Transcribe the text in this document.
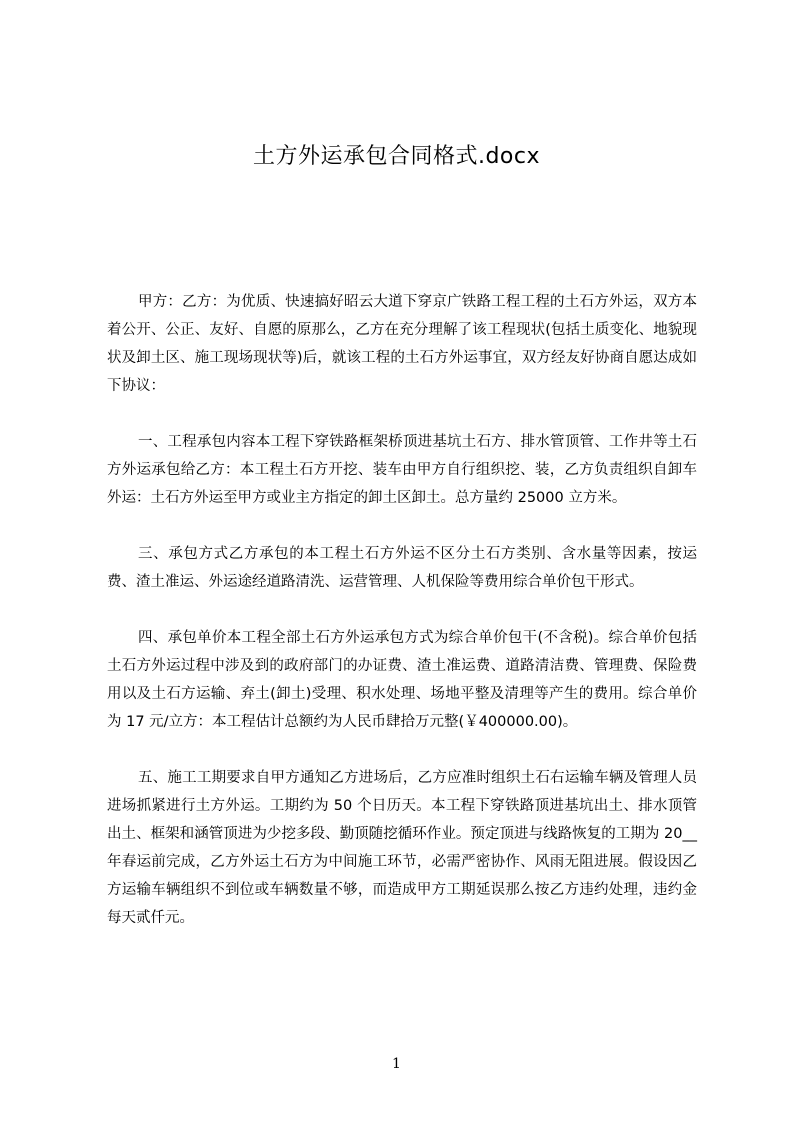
土方外运承包合同格式.docx

甲方：乙方：为优质、快速搞好昭云大道下穿京广铁路工程工程的土石方外运，双方本着公开、公正、友好、自愿的原那么，乙方在充分理解了该工程现状(包括土质变化、地貌现状及卸土区、施工现场现状等)后，就该工程的土石方外运事宜，双方经友好协商自愿达成如下协议：

一、工程承包内容本工程下穿铁路框架桥顶进基坑土石方、排水管顶管、工作井等土石方外运承包给乙方：本工程土石方开挖、装车由甲方自行组织挖、装，乙方负责组织自卸车外运：土石方外运至甲方或业主方指定的卸土区卸土。总方量约 25000 立方米。

三、承包方式乙方承包的本工程土石方外运不区分土石方类别、含水量等因素，按运费、渣土准运、外运途经道路清洗、运营管理、人机保险等费用综合单价包干形式。

四、承包单价本工程全部土石方外运承包方式为综合单价包干(不含税)。综合单价包括土石方外运过程中涉及到的政府部门的办证费、渣土准运费、道路清洁费、管理费、保险费用以及土石方运输、弃土(卸土)受理、积水处理、场地平整及清理等产生的费用。综合单价为 17 元/立方：本工程估计总额约为人民币肆拾万元整(￥400000.00)。

五、施工工期要求自甲方通知乙方进场后，乙方应准时组织土石右运输车辆及管理人员进场抓紧进行土方外运。工期约为 50 个日历天。本工程下穿铁路顶进基坑出土、排水顶管出土、框架和涵管顶进为少挖多段、勤顶随挖循环作业。预定顶进与线路恢复的工期为 20__年春运前完成，乙方外运土石方为中间施工环节，必需严密协作、风雨无阻进展。假设因乙方运输车辆组织不到位或车辆数量不够，而造成甲方工期延误那么按乙方违约处理，违约金每天贰仟元。

1
